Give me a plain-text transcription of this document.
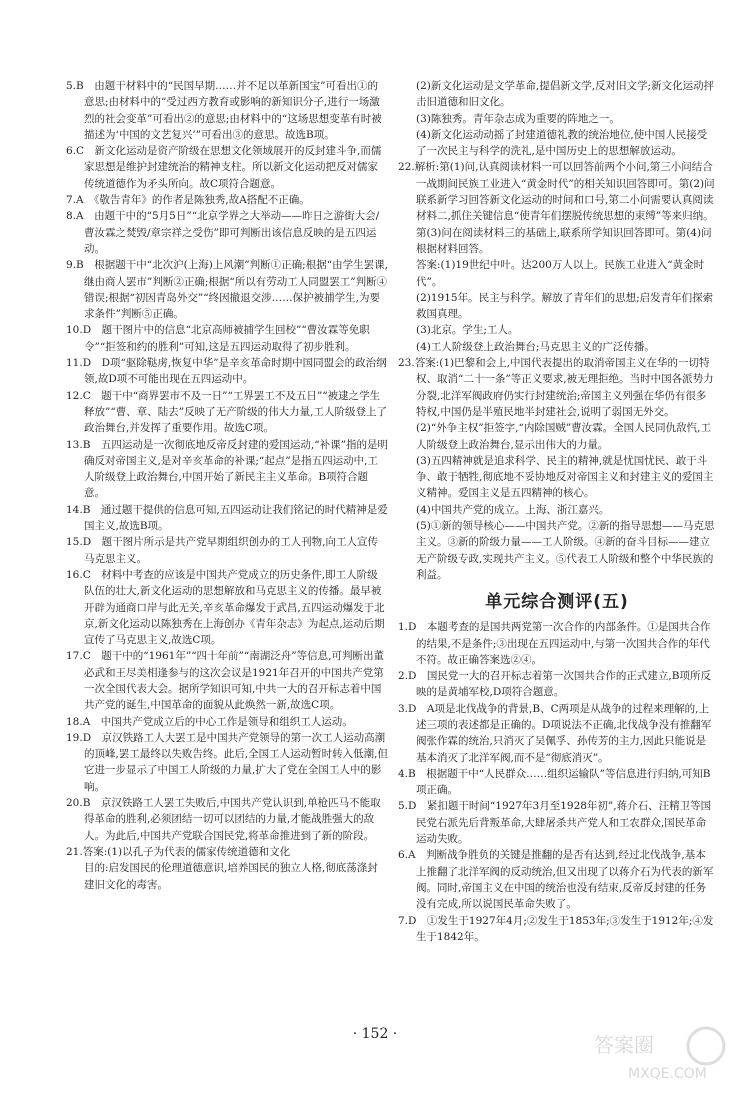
5.B　由题干材料中的“民国早期……并不足以革新国宝”可看出①的意思;由材料中的“受过西方教育或影响的新知识分子,进行一场激烈的社会变革”可看出②的意思;由材料中的“这场思想变革有时被描述为‘中国的文艺复兴’”可看出③的意思。故选B项。
6.C　新文化运动是资产阶级在思想文化领域展开的反封建斗争,而儒家思想是维护封建统治的精神支柱。所以新文化运动把反对儒家传统道德作为矛头所向。故C项符合题意。
7.A　《敬告青年》的作者是陈独秀,故A搭配不正确。
8.A　由题干中的“5月5日”“北京学界之大举动——昨日之游街大会/曹汝霖之焚毁/章宗祥之受伤”即可判断出该信息反映的是五四运动。
9.B　根据题干中“北次沪(上海)上风潮”判断①正确;根据“由学生罢课,继由商人罢市”判断②正确;根据“所以有劳动工人同盟罢工”判断④错误;根据“初因青岛外交”“终因撤退交涉……保护被捕学生,为要求条件”判断⑤正确。
10.D　题干图片中的信息“北京高师被捕学生回校”“曹汝霖等免职令”“拒签和约的胜利”可知,这是五四运动取得了初步胜利。
11.D　D项“驱除鞑虏,恢复中华”是辛亥革命时期中国同盟会的政治纲领,故D项不可能出现在五四运动中。
12.C　题干中“商界罢市不及一日”“工界罢工不及五日”“被逮之学生释放”“曹、章、陆去”反映了无产阶级的伟大力量,工人阶级登上了政治舞台,并发挥了重要作用。故选C项。
13.B　五四运动是一次彻底地反帝反封建的爱国运动,“补课”指的是明确反对帝国主义,是对辛亥革命的补课;“起点”是指五四运动中,工人阶级登上政治舞台,中国开始了新民主主义革命。B项符合题意。
14.B　通过题干提供的信息可知,五四运动让我们铭记的时代精神是爱国主义,故选B项。
15.D　题干图片所示是共产党早期组织创办的工人刊物,向工人宣传马克思主义。
16.C　材料中考查的应该是中国共产党成立的历史条件,即工人阶级队伍的壮大,新文化运动的思想解放和马克思主义的传播。最早被开辟为通商口岸与此无关,辛亥革命爆发于武昌,五四运动爆发于北京,新文化运动以陈独秀在上海创办《青年杂志》为起点,运动后期宣传了马克思主义,故选C项。
17.C　题干中的“1961年”“四十年前”“南湖泛舟”等信息,可判断出董必武和王尽美相逢参与的这次会议是1921年召开的中国共产党第一次全国代表大会。据所学知识可知,中共一大的召开标志着中国共产党的诞生,中国革命的面貌从此焕然一新,故选C项。
18.A　中国共产党成立后的中心工作是领导和组织工人运动。
19.D　京汉铁路工人大罢工是中国共产党领导的第一次工人运动高潮的顶峰,罢工最终以失败告终。此后,全国工人运动暂时转入低潮,但它进一步显示了中国工人阶级的力量,扩大了党在全国工人中的影响。
20.B　京汉铁路工人罢工失败后,中国共产党认识到,单枪匹马不能取得革命的胜利,必须团结一切可以团结的力量,才能战胜强大的敌人。为此后,中国共产党联合国民党,将革命推进到了新的阶段。
21.答案:(1)以孔子为代表的儒家传统道德和文化
目的:启发国民的伦理道德意识,培养国民的独立人格,彻底荡涤封建旧文化的毒害。
(2)新文化运动是文学革命,提倡新文学,反对旧文学;新文化运动抨击旧道德和旧文化。
(3)陈独秀。青年杂志成为重要的阵地之一。
(4)新文化运动动摇了封建道德礼教的统治地位,使中国人民接受了一次民主与科学的洗礼,是中国历史上的思想解放运动。
22.解析:第(1)问,认真阅读材料一可以回答前两个小问,第三小问结合一战期间民族工业进入“黄金时代”的相关知识回答即可。第(2)问联系新学习回答新文化运动的时间和口号,第二小问需要认真阅读材料二,抓住关键信息“使青年们摆脱传统思想的束缚”等来归纳。第(3)问在阅读材料三的基础上,联系所学知识回答即可。第(4)问根据材料回答。
答案:(1)19世纪中叶。达200万人以上。民族工业进入“黄金时代”。
(2)1915年。民主与科学。解放了青年们的思想;启发青年们探索救国真理。
(3)北京。学生;工人。
(4)工人阶级登上政治舞台;马克思主义的广泛传播。
23.答案:(1)巴黎和会上,中国代表提出的取消帝国主义在华的一切特权、取消“二十一条”等正义要求,被无理拒绝。当时中国各派势力分裂,北洋军阀政府仍实行封建统治;帝国主义列强在华仍有很多特权,中国仍是半殖民地半封建社会,说明了弱国无外交。
(2)“外争主权”拒签字,“内除国贼”曹汝霖。全国人民同仇敌忾,工人阶级登上政治舞台,显示出伟大的力量。
(3)五四精神就是追求科学、民主的精神,就是忧国忧民、敢于斗争、敢于牺牲,彻底地不妥协地反对帝国主义和封建主义的爱国主义精神。爱国主义是五四精神的核心。
(4)中国共产党的成立。上海、浙江嘉兴。
(5)①新的领导核心——中国共产党。②新的指导思想——马克思主义。③新的阶级力量——工人阶级。④新的奋斗目标——建立无产阶级专政,实现共产主义。⑤代表工人阶级和整个中华民族的利益。
单元综合测评(五)
1.D　本题考查的是国共两党第一次合作的内部条件。①是国共合作的结果,不是条件;③出现在五四运动中,与第一次国共合作的年代不符。故正确答案选②④。
2.D　国民党一大的召开标志着第一次国共合作的正式建立,B项所反映的是黄埔军校,D项符合题意。
3.D　A项是北伐战争的背景,B、C两项是从战争的过程来理解的,上述三项的表述都是正确的。D项说法不正确,北伐战争没有推翻军阀张作霖的统治,只消灭了吴佩孚、孙传芳的主力,因此只能说是基本消灭了北洋军阀,而不是“彻底消灭”。
4.B　根据题干中“人民群众……组织运输队”等信息进行归纳,可知B项正确。
5.D　紧扣题干时间“1927年3月至1928年初”,蒋介石、汪精卫等国民党右派先后背叛革命,大肆屠杀共产党人和工农群众,国民革命运动失败。
6.A　判断战争胜负的关键是推翻的是否有达到,经过北伐战争,基本上推翻了北洋军阀的反动统治,但又出现了以蒋介石为代表的新军阀。同时,帝国主义在中国的统治也没有结束,反帝反封建的任务没有完成,所以说国民革命失败了。
7.D　①发生于1927年4月;②发生于1853年;③发生于1912年;④发生于1842年。
· 152 ·	答案圈
MXQE.COM
